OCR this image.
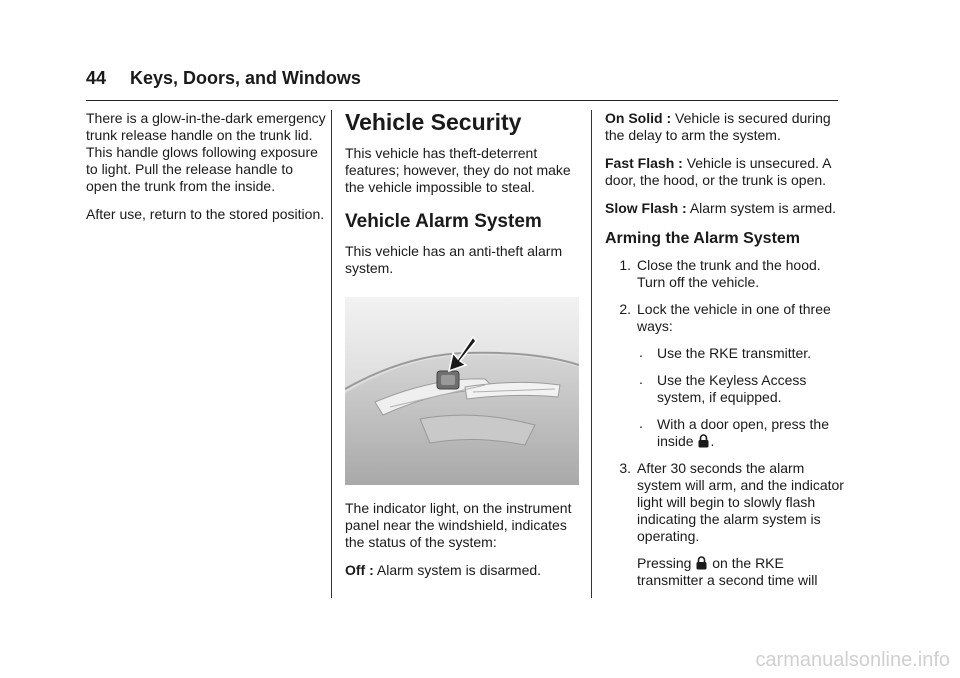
44 Keys, Doors, and Windows

There is a glow-in-the-dark emergency trunk release handle on the trunk lid. This handle glows following exposure to light. Pull the release handle to open the trunk from the inside.

After use, return to the stored position.

Vehicle Security

This vehicle has theft-deterrent features; however, they do not make the vehicle impossible to steal.

Vehicle Alarm System

This vehicle has an anti-theft alarm system.

The indicator light, on the instrument panel near the windshield, indicates the status of the system:

Off : Alarm system is disarmed.

On Solid : Vehicle is secured during the delay to arm the system.

Fast Flash : Vehicle is unsecured. A door, the hood, or the trunk is open.

Slow Flash : Alarm system is armed.

Arming the Alarm System
1. Close the trunk and the hood. Turn off the vehicle.
2. Lock the vehicle in one of three ways:
. Use the RKE transmitter.
. Use the Keyless Access system, if equipped.
. With a door open, press the inside .
3. After 30 seconds the alarm system will arm, and the indicator light will begin to slowly flash indicating the alarm system is operating.
Pressing on the RKE transmitter a second time will
carmanualsonline.info
